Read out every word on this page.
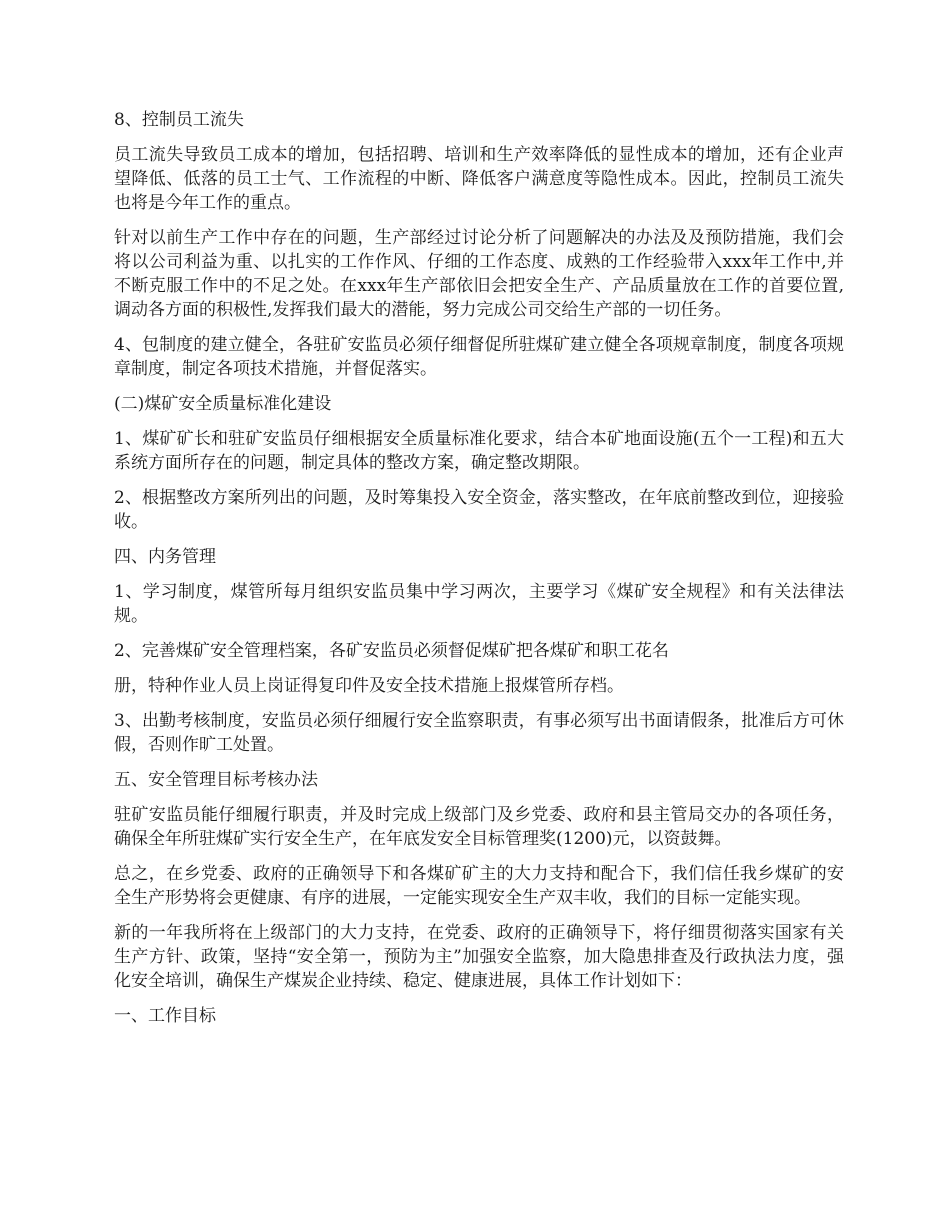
8、控制员工流失

员工流失导致员工成本的增加，包括招聘、培训和生产效率降低的显性成本的增加，还有企业声望降低、低落的员工士气、工作流程的中断、降低客户满意度等隐性成本。因此，控制员工流失也将是今年工作的重点。

针对以前生产工作中存在的问题，生产部经过讨论分析了问题解决的办法及及预防措施，我们会将以公司利益为重、以扎实的工作作风、仔细的工作态度、成熟的工作经验带入xxx年工作中,并不断克服工作中的不足之处。在xxx年生产部依旧会把安全生产、产品质量放在工作的首要位置,调动各方面的积极性,发挥我们最大的潜能，努力完成公司交给生产部的一切任务。

4、包制度的建立健全，各驻矿安监员必须仔细督促所驻煤矿建立健全各项规章制度，制度各项规章制度，制定各项技术措施，并督促落实。

(二)煤矿安全质量标准化建设

1、煤矿矿长和驻矿安监员仔细根据安全质量标准化要求，结合本矿地面设施(五个一工程)和五大系统方面所存在的问题，制定具体的整改方案，确定整改期限。

2、根据整改方案所列出的问题，及时筹集投入安全资金，落实整改，在年底前整改到位，迎接验收。

四、内务管理

1、学习制度，煤管所每月组织安监员集中学习两次，主要学习《煤矿安全规程》和有关法律法规。

2、完善煤矿安全管理档案，各矿安监员必须督促煤矿把各煤矿和职工花名

册，特种作业人员上岗证得复印件及安全技术措施上报煤管所存档。

3、出勤考核制度，安监员必须仔细履行安全监察职责，有事必须写出书面请假条，批准后方可休假，否则作旷工处置。

五、安全管理目标考核办法

驻矿安监员能仔细履行职责，并及时完成上级部门及乡党委、政府和县主管局交办的各项任务，确保全年所驻煤矿实行安全生产，在年底发安全目标管理奖(1200)元，以资鼓舞。

总之，在乡党委、政府的正确领导下和各煤矿矿主的大力支持和配合下，我们信任我乡煤矿的安全生产形势将会更健康、有序的进展，一定能实现安全生产双丰收，我们的目标一定能实现。

新的一年我所将在上级部门的大力支持，在党委、政府的正确领导下，将仔细贯彻落实国家有关生产方针、政策，坚持“安全第一，预防为主”加强安全监察，加大隐患排查及行政执法力度，强化安全培训，确保生产煤炭企业持续、稳定、健康进展，具体工作计划如下：

一、工作目标
